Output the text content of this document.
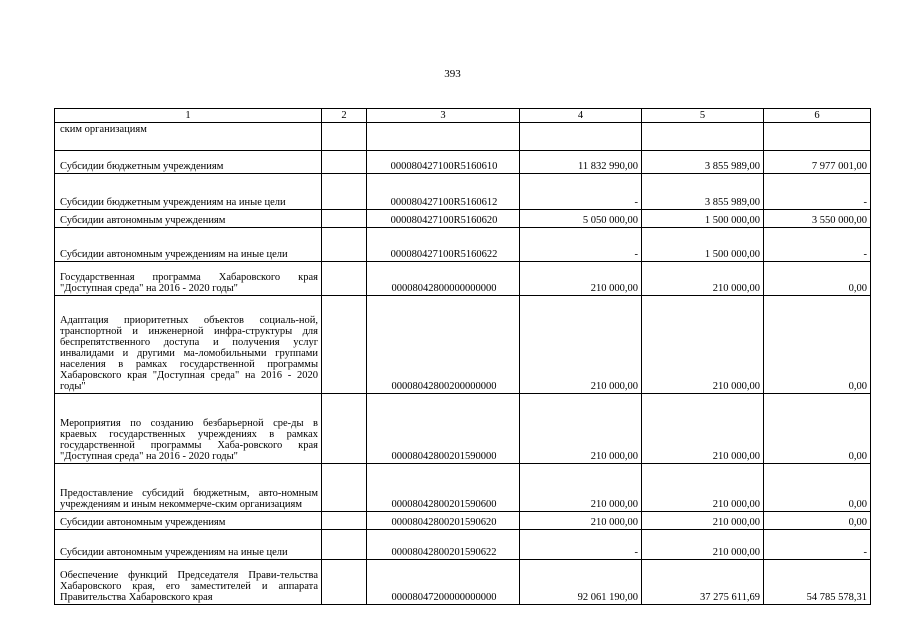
393
1	2	3	4	5	6
ским организациям					
Субсидии бюджетным учреждениям		000080427100R5160610	11 832 990,00	3 855 989,00	7 977 001,00
Субсидии бюджетным учреждениям на иные цели		000080427100R5160612	-	3 855 989,00	-
Субсидии автономным учреждениям		000080427100R5160620	5 050 000,00	1 500 000,00	3 550 000,00
Субсидии автономным учреждениям на иные цели		000080427100R5160622	-	1 500 000,00	-
Государственная программа Хабаровского края "Доступная среда" на 2016 - 2020 годы"		00008042800000000000	210 000,00	210 000,00	0,00
Адаптация приоритетных объектов социаль-ной, транспортной и инженерной инфра-структуры для беспрепятственного доступа и получения услуг инвалидами и другими ма-ломобильными группами населения в рамках государственной программы Хабаровского края "Доступная среда" на 2016 - 2020 годы"		00008042800200000000	210 000,00	210 000,00	0,00
Мероприятия по созданию безбарьерной сре-ды в краевых государственных учреждениях в рамках государственной программы Хаба-ровского края "Доступная среда" на 2016 - 2020 годы"		00008042800201590000	210 000,00	210 000,00	0,00
Предоставление субсидий бюджетным, авто-номным учреждениям и иным некоммерче-ским организациям		00008042800201590600	210 000,00	210 000,00	0,00
Субсидии автономным учреждениям		00008042800201590620	210 000,00	210 000,00	0,00
Субсидии автономным учреждениям на иные цели		00008042800201590622	-	210 000,00	-
Обеспечение функций Председателя Прави-тельства Хабаровского края, его заместителей и аппарата Правительства Хабаровского края		00008047200000000000	92 061 190,00	37 275 611,69	54 785 578,31
